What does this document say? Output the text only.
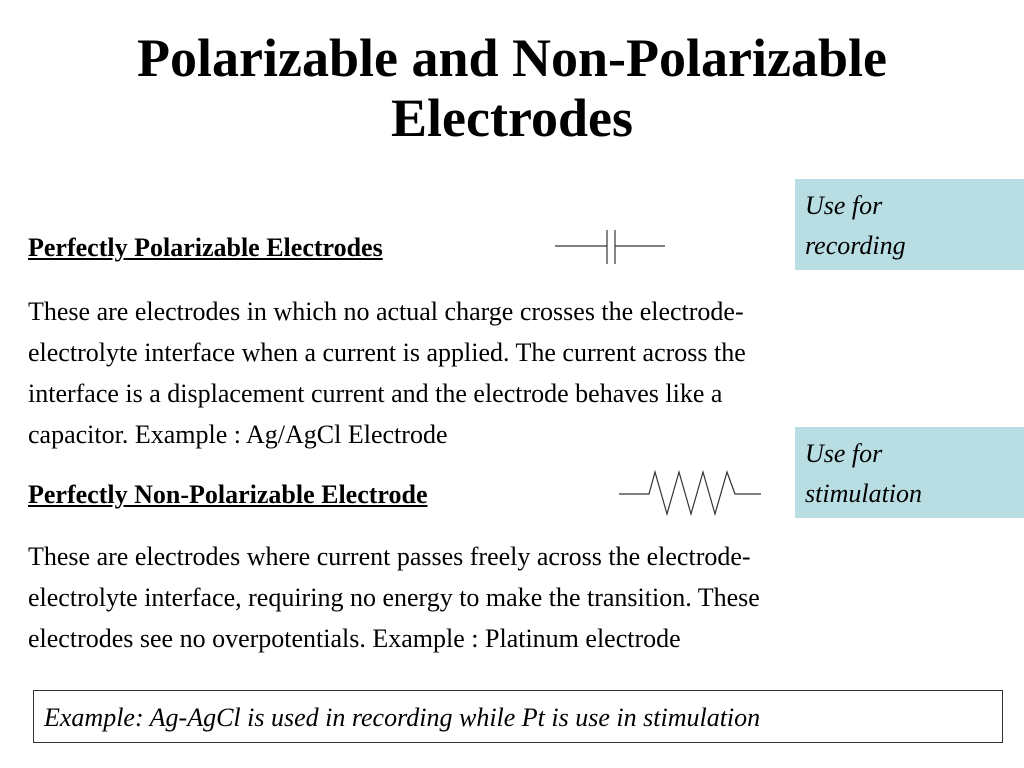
Polarizable and Non-Polarizable
Electrodes
Use for
recording
Perfectly Polarizable Electrodes
These are electrodes in which no actual charge crosses the electrode-
electrolyte interface when a current is applied. The current across the
interface is a displacement current and the electrode behaves like a
capacitor. Example : Ag/AgCl Electrode
Use for
stimulation
Perfectly Non-Polarizable Electrode
These are electrodes where current passes freely across the electrode-
electrolyte interface, requiring no energy to make the transition. These
electrodes see no overpotentials. Example : Platinum electrode
Example: Ag-AgCl is used in recording while Pt is use in stimulation
